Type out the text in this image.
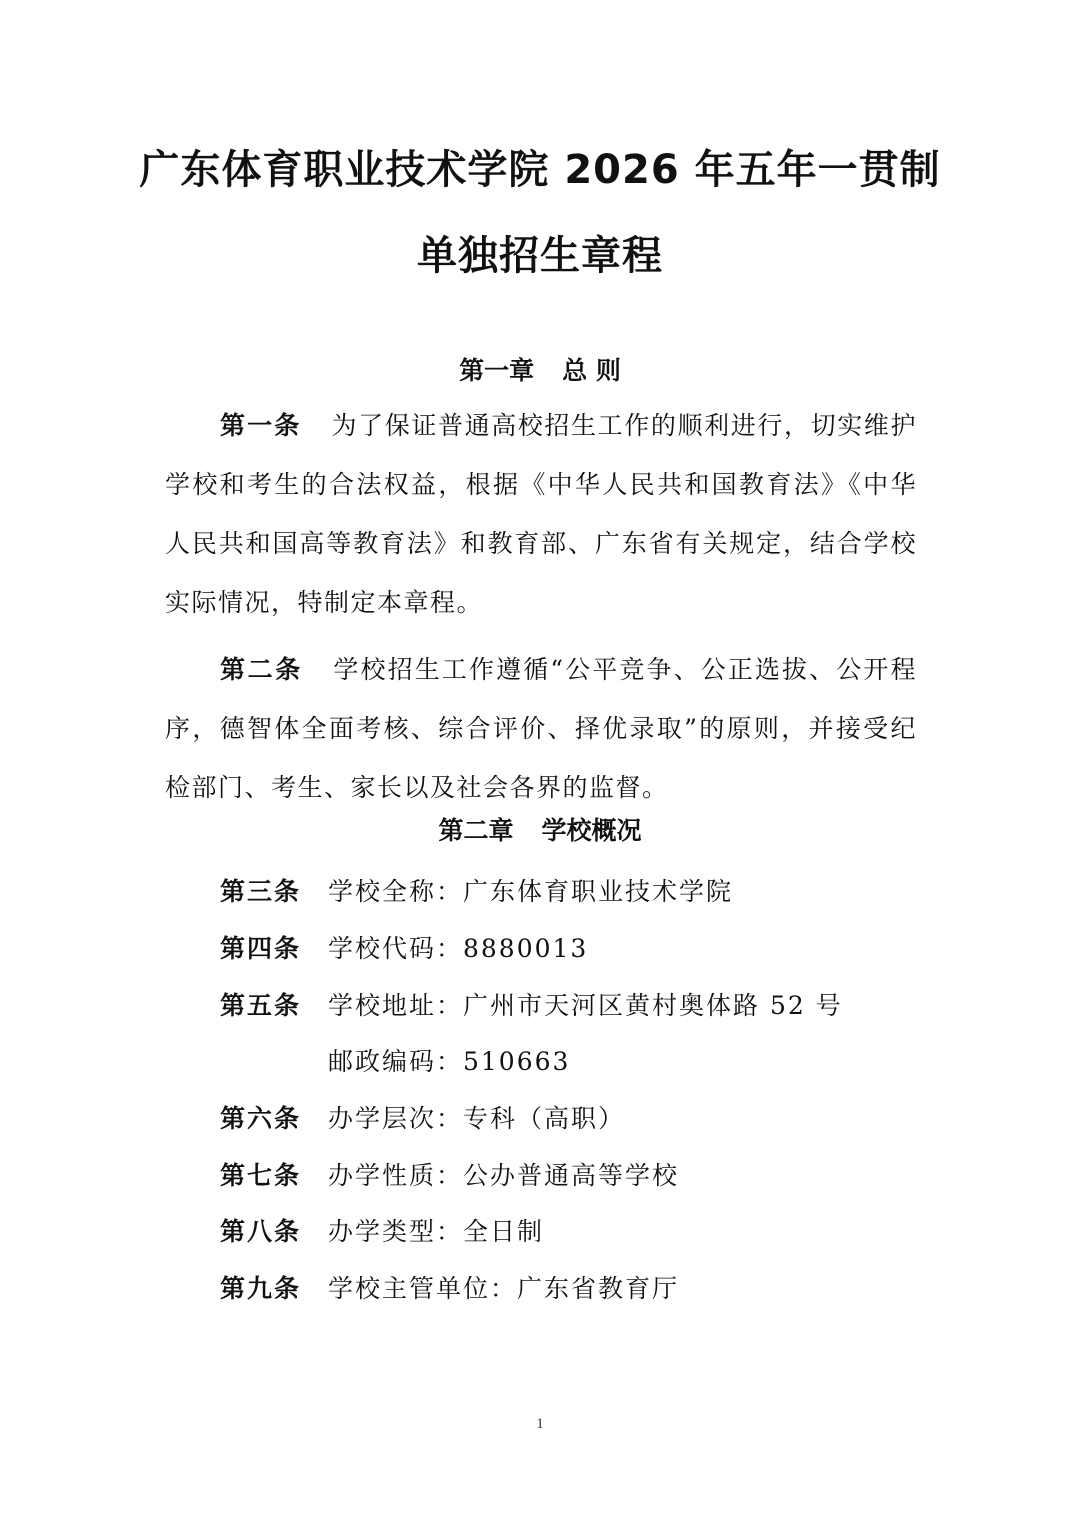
广东体育职业技术学院 2026 年五年一贯制
单独招生章程
第一章 总 则
第一条 为了保证普通高校招生工作的顺利进行，切实维护学校和考生的合法权益，根据《中华人民共和国教育法》《中华人民共和国高等教育法》和教育部、广东省有关规定，结合学校实际情况，特制定本章程。
第二条 学校招生工作遵循“公平竞争、公正选拔、公开程序，德智体全面考核、综合评价、择优录取”的原则，并接受纪检部门、考生、家长以及社会各界的监督。
第二章 学校概况
第三条 学校全称：广东体育职业技术学院
第四条 学校代码：8880013
第五条 学校地址：广州市天河区黄村奥体路 52 号
邮政编码：510663
第六条 办学层次：专科（高职）
第七条 办学性质：公办普通高等学校
第八条 办学类型：全日制
第九条 学校主管单位：广东省教育厅
1
